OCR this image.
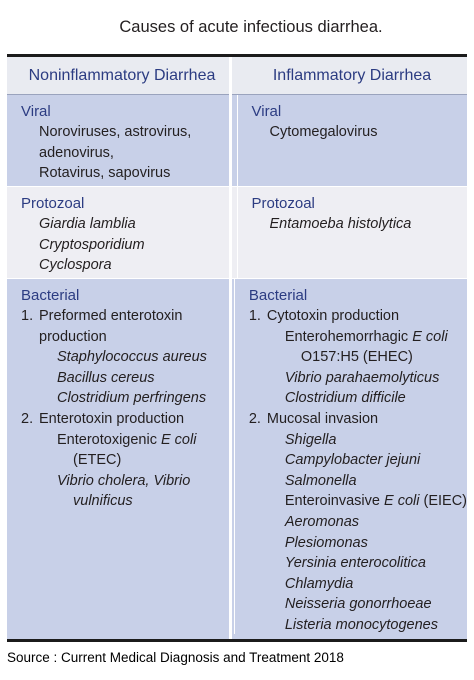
Causes of acute infectious diarrhea.
Noninflammatory Diarrhea	Inflammatory Diarrhea
Viral
Noroviruses, astrovirus,
adenovirus,
Rotavirus, sapovirus
Viral
Cytomegalovirus
Protozoal
Giardia lamblia
Cryptosporidium
Cyclospora
Protozoal
Entamoeba histolytica
Bacterial
1. Preformed enterotoxin
production
Staphylococcus aureus
Bacillus cereus
Clostridium perfringens
2. Enterotoxin production
Enterotoxigenic E coli
(ETEC)
Vibrio cholera, Vibrio
vulnificus
Bacterial
1. Cytotoxin production
Enterohemorrhagic E coli
O157:H5 (EHEC)
Vibrio parahaemolyticus
Clostridium difficile
2. Mucosal invasion
Shigella
Campylobacter jejuni
Salmonella
Enteroinvasive E coli (EIEC)
Aeromonas
Plesiomonas
Yersinia enterocolitica
Chlamydia
Neisseria gonorrhoeae
Listeria monocytogenes
Source : Current Medical Diagnosis and Treatment 2018
